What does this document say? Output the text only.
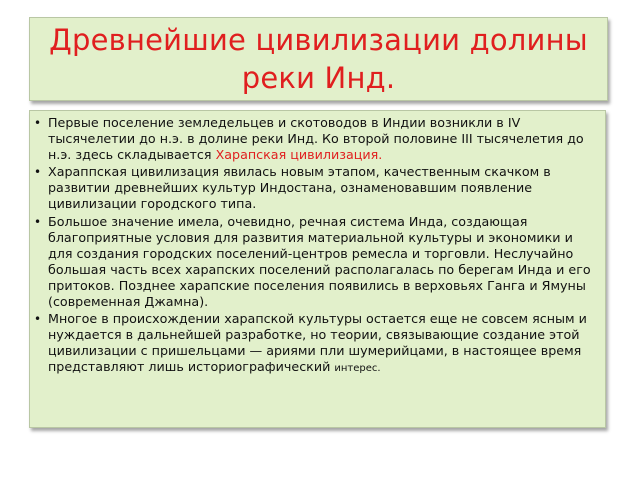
Древнейшие цивилизации долины
реки Инд.
• Первые поселение земледельцев и скотоводов в Индии возникли в IV тысячелетии до н.э. в долине реки Инд. Ко второй половине III тысячелетия до н.э. здесь складывается Харапская цивилизация.
• Хараппская цивилизация явилась новым этапом, качественным скачком в развитии древнейших культур Индостана, ознаменовавшим появление цивилизации городского типа.
• Большое значение имела, очевидно, речная система Инда, создающая благоприятные условия для развития материальной культуры и экономики и для создания городских поселений-центров ремесла и торговли. Неслучайно большая часть всех харапских поселений располагалась по берегам Инда и его притоков. Позднее харапские поселения появились в верховьях Ганга и Ямуны (современная Джамна).
• Многое в происхождении харапской культуры остается еще не совсем ясным и нуждается в дальнейшей разработке, но теории, связывающие создание этой цивилизации с пришельцами — ариями пли шумерийцами, в настоящее время представляют лишь историографический интерес.
